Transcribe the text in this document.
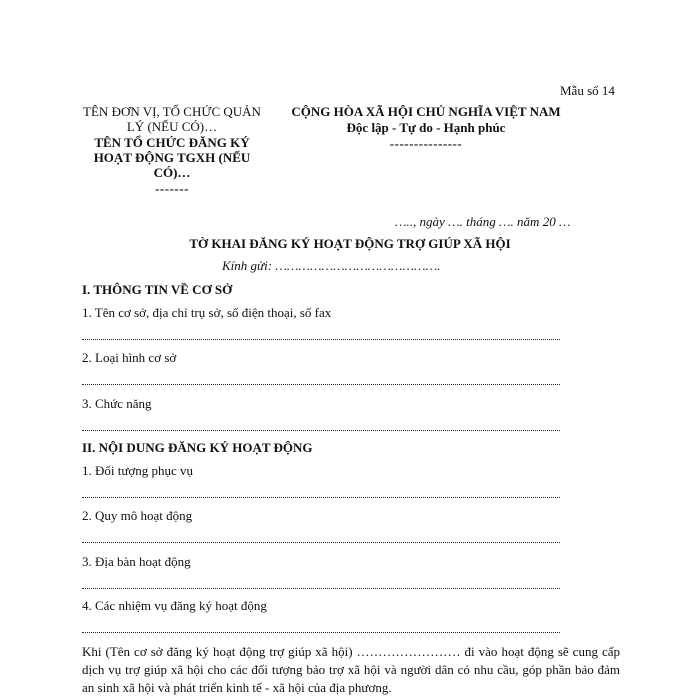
Mẫu số 14
TÊN ĐƠN VỊ, TỔ CHỨC QUẢN LÝ (NẾU CÓ)…
TÊN TỔ CHỨC ĐĂNG KÝ HOẠT ĐỘNG TGXH (NẾU CÓ)…
-------
CỘNG HÒA XÃ HỘI CHỦ NGHĨA VIỆT NAM
Độc lập - Tự do - Hạnh phúc
---------------
….., ngày …. tháng …. năm 20 …
TỜ KHAI ĐĂNG KÝ HOẠT ĐỘNG TRỢ GIÚP XÃ HỘI
Kính gửi: …………………………………….
I. THÔNG TIN VỀ CƠ SỞ
1. Tên cơ sở, địa chỉ trụ sở, số điện thoại, số fax
2. Loại hình cơ sở
3. Chức năng
II. NỘI DUNG ĐĂNG KÝ HOẠT ĐỘNG
1. Đối tượng phục vụ
2. Quy mô hoạt động
3. Địa bàn hoạt động
4. Các nhiệm vụ đăng ký hoạt động
Khi (Tên cơ sở đăng ký hoạt động trợ giúp xã hội) …………………… đi vào hoạt động sẽ cung cấp dịch vụ trợ giúp xã hội cho các đối tượng bảo trợ xã hội và người dân có nhu cầu, góp phần bảo đảm an sinh xã hội và phát triển kinh tế - xã hội của địa phương.
